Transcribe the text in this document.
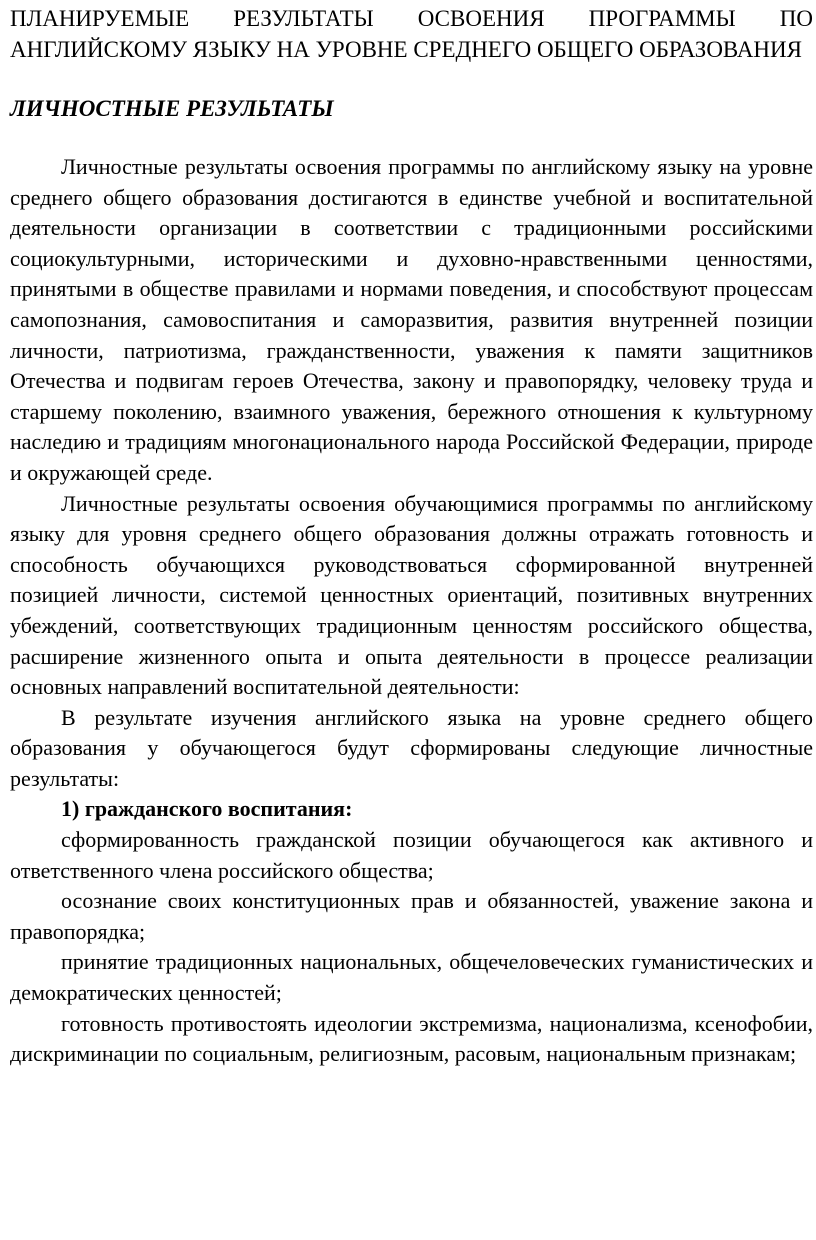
ПЛАНИРУЕМЫЕ РЕЗУЛЬТАТЫ ОСВОЕНИЯ ПРОГРАММЫ ПО АНГЛИЙСКОМУ ЯЗЫКУ НА УРОВНЕ СРЕДНЕГО ОБЩЕГО ОБРАЗОВАНИЯ
ЛИЧНОСТНЫЕ РЕЗУЛЬТАТЫ

Личностные результаты освоения программы по английскому языку на уровне среднего общего образования достигаются в единстве учебной и воспитательной деятельности организации в соответствии с традиционными российскими социокультурными, историческими и духовно-нравственными ценностями, принятыми в обществе правилами и нормами поведения, и способствуют процессам самопознания, самовоспитания и саморазвития, развития внутренней позиции личности, патриотизма, гражданственности, уважения к памяти защитников Отечества и подвигам героев Отечества, закону и правопорядку, человеку труда и старшему поколению, взаимного уважения, бережного отношения к культурному наследию и традициям многонационального народа Российской Федерации, природе и окружающей среде.

Личностные результаты освоения обучающимися программы по английскому языку для уровня среднего общего образования должны отражать готовность и способность обучающихся руководствоваться сформированной внутренней позицией личности, системой ценностных ориентаций, позитивных внутренних убеждений, соответствующих традиционным ценностям российского общества, расширение жизненного опыта и опыта деятельности в процессе реализации основных направлений воспитательной деятельности:

В результате изучения английского языка на уровне среднего общего образования у обучающегося будут сформированы следующие личностные результаты:

1) гражданского воспитания:

сформированность гражданской позиции обучающегося как активного и ответственного члена российского общества;

осознание своих конституционных прав и обязанностей, уважение закона и правопорядка;

принятие традиционных национальных, общечеловеческих гуманистических и демократических ценностей;

готовность противостоять идеологии экстремизма, национализма, ксенофобии, дискриминации по социальным, религиозным, расовым, национальным признакам;
